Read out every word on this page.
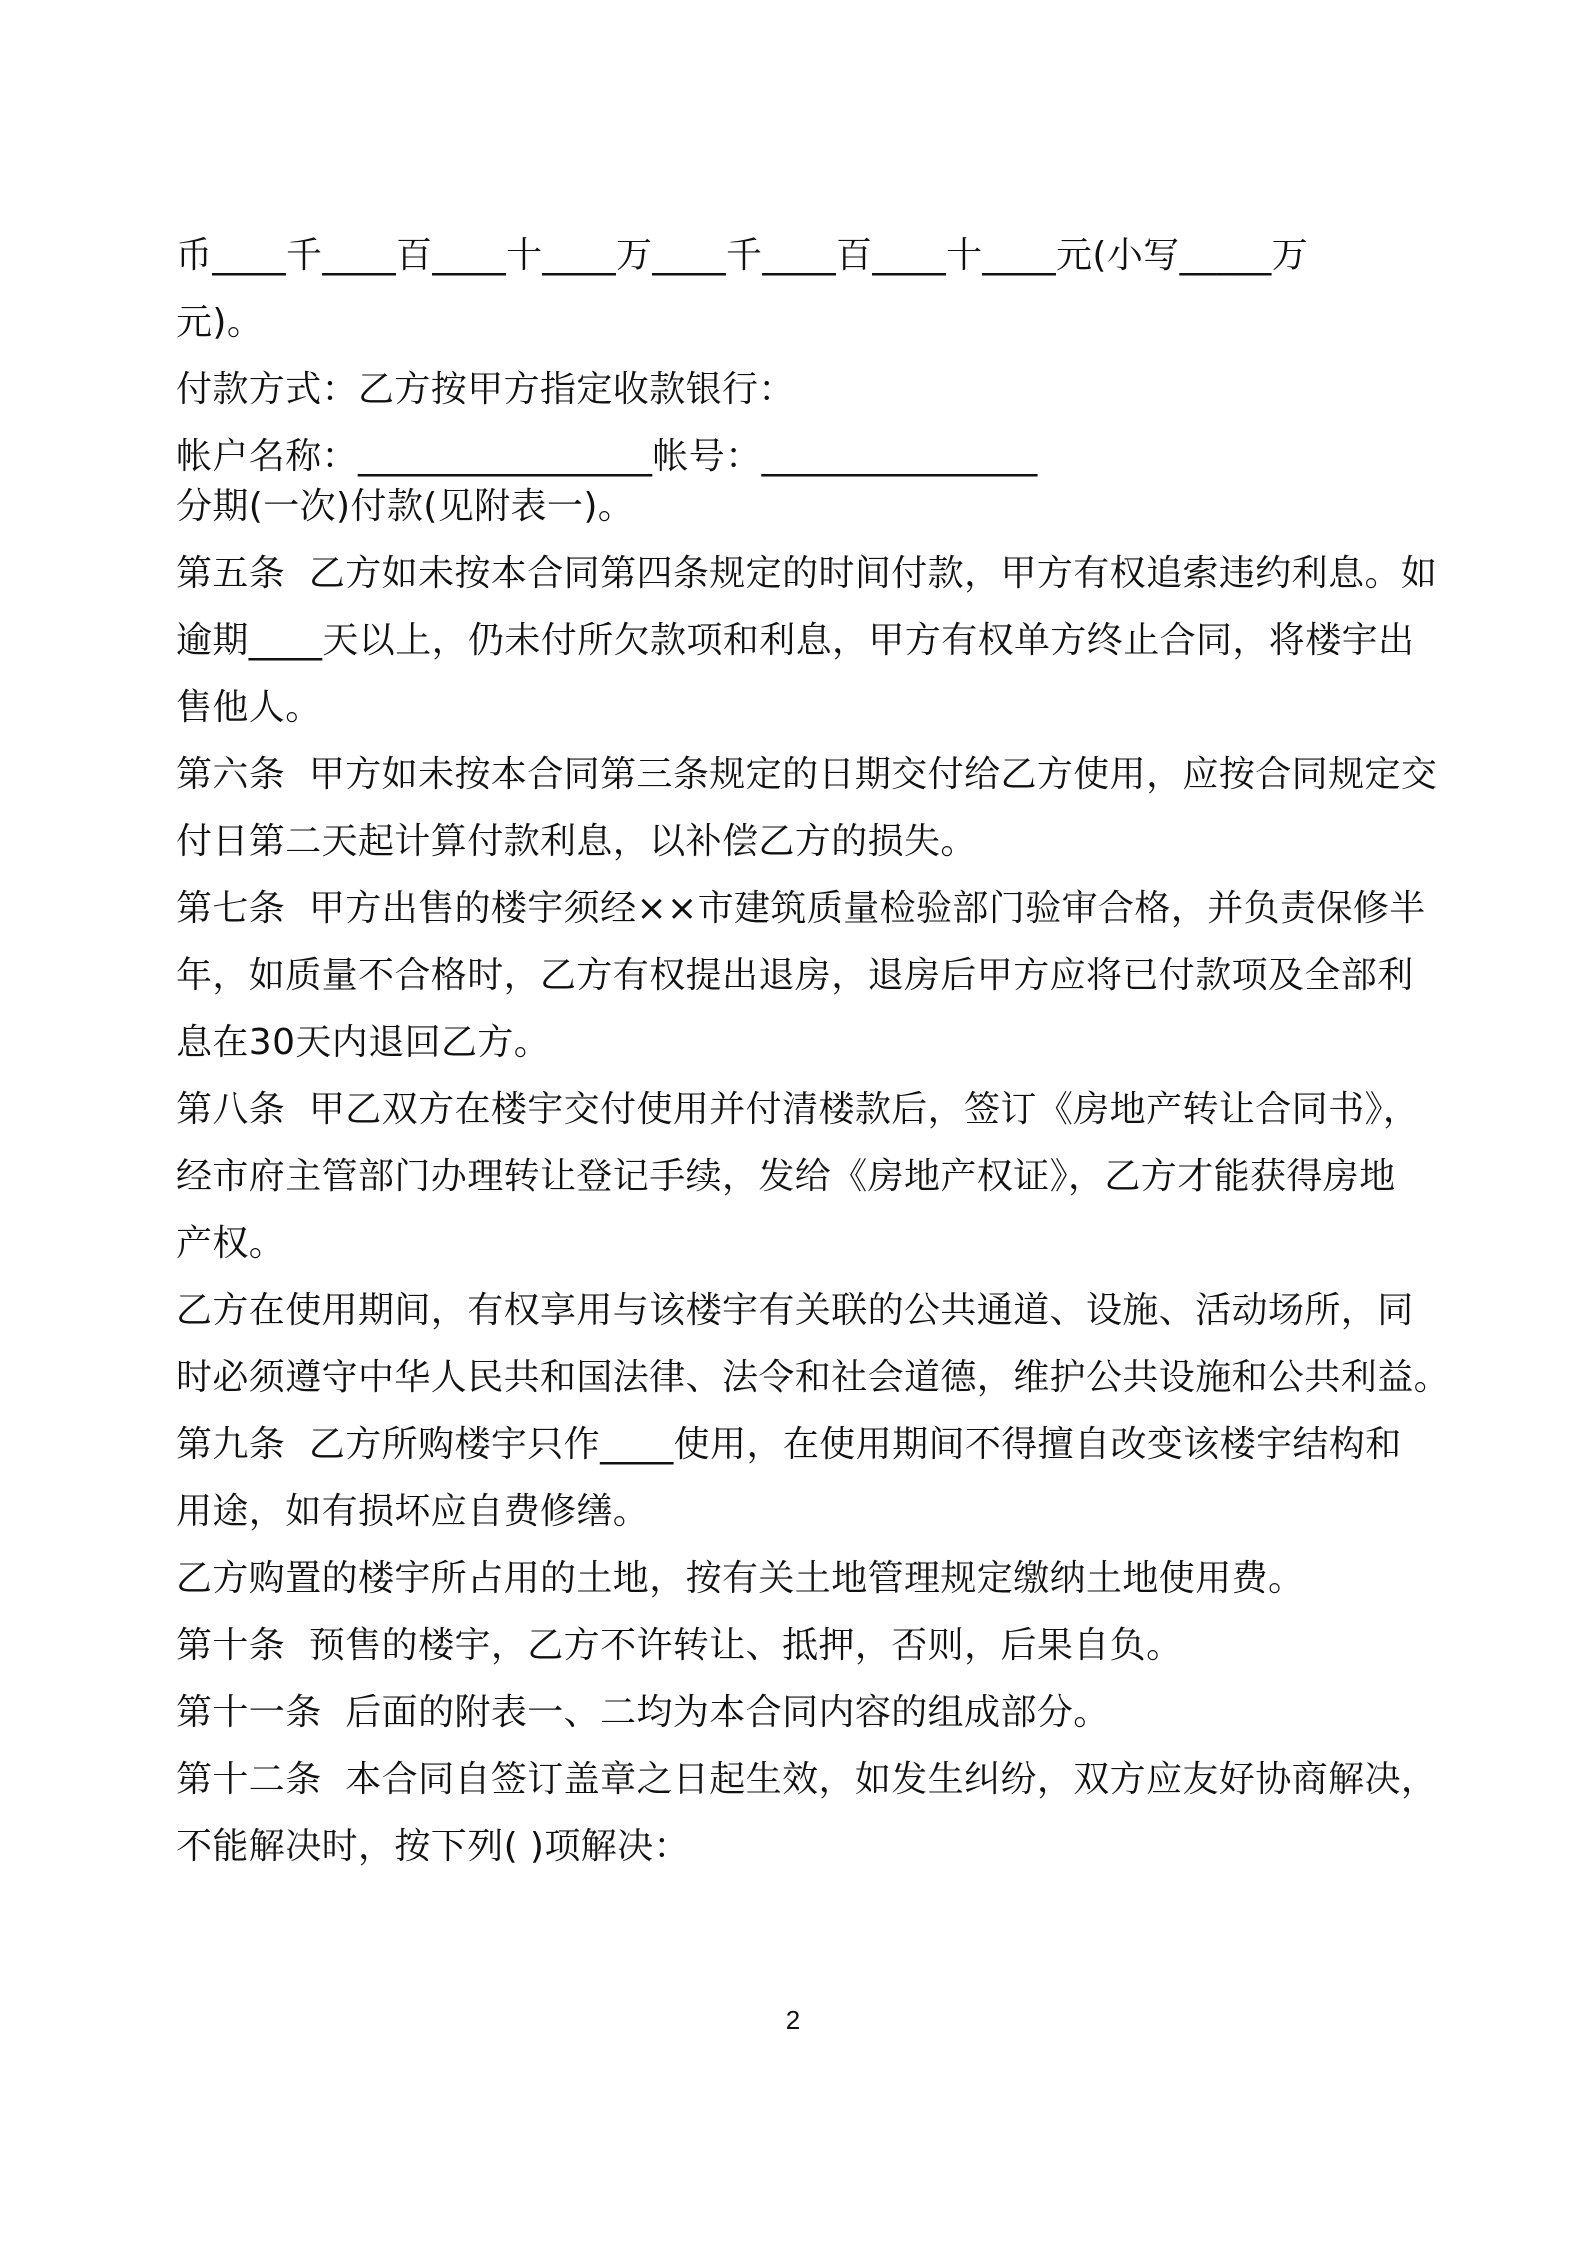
币____千____百____十____万____千____百____十____元(小写_____万
元)。
付款方式：乙方按甲方指定收款银行：
帐户名称：________________帐号：_______________
分期(一次)付款(见附表一)。
第五条  乙方如未按本合同第四条规定的时间付款，甲方有权追索违约利息。如
逾期____天以上，仍未付所欠款项和利息，甲方有权单方终止合同，将楼宇出
售他人。
第六条  甲方如未按本合同第三条规定的日期交付给乙方使用，应按合同规定交
付日第二天起计算付款利息，以补偿乙方的损失。
第七条  甲方出售的楼宇须经××市建筑质量检验部门验审合格，并负责保修半
年，如质量不合格时，乙方有权提出退房，退房后甲方应将已付款项及全部利
息在30天内退回乙方。
第八条  甲乙双方在楼宇交付使用并付清楼款后，签订《房地产转让合同书》，
经市府主管部门办理转让登记手续，发给《房地产权证》，乙方才能获得房地
产权。
乙方在使用期间，有权享用与该楼宇有关联的公共通道、设施、活动场所，同
时必须遵守中华人民共和国法律、法令和社会道德，维护公共设施和公共利益。
第九条  乙方所购楼宇只作____使用，在使用期间不得擅自改变该楼宇结构和
用途，如有损坏应自费修缮。
乙方购置的楼宇所占用的土地，按有关土地管理规定缴纳土地使用费。
第十条  预售的楼宇，乙方不许转让、抵押，否则，后果自负。
第十一条  后面的附表一、二均为本合同内容的组成部分。
第十二条  本合同自签订盖章之日起生效，如发生纠纷，双方应友好协商解决，
不能解决时，按下列( )项解决：
2
